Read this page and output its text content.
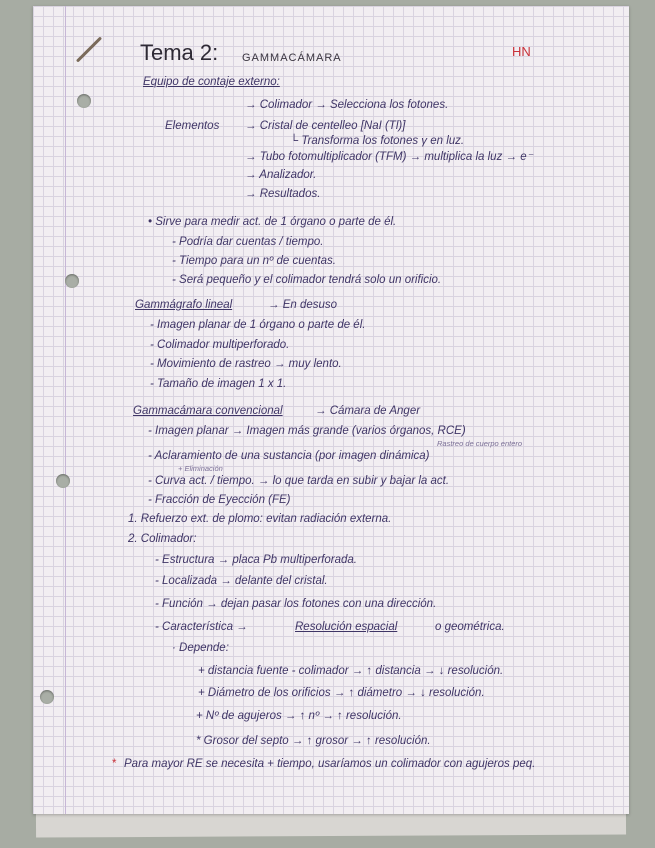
Tema 2: GAMMACÁMARA	HN
Equipo de contaje externo:
→ Colimador → Selecciona los fotones.
Elementos → Cristal de centelleo [NaI (Tl)]
└ Transforma los fotones γ en luz.
→ Tubo fotomultiplicador (TFM) → multiplica la luz → e⁻
→ Analizador.
→ Resultados.
• Sirve para medir act. de 1 órgano o parte de él.
- Podría dar cuentas / tiempo.
- Tiempo para un nº de cuentas.
- Será pequeño y el colimador tendrá solo un orificio.
Gammágrafo lineal	→ En desuso
- Imagen planar de 1 órgano o parte de él.
- Colimador multiperforado.
- Movimiento de rastreo → muy lento.
- Tamaño de imagen 1 x 1.
Gammacámara convencional	→ Cámara de Anger
- Imagen planar → Imagen más grande (varios órganos, RCE)
Rastreo de cuerpo entero
- Aclaramiento de una sustancia (por imagen dinámica)
+ Eliminación
- Curva act. / tiempo. → lo que tarda en subir y bajar la act.
- Fracción de Eyección (FE)
1. Refuerzo ext. de plomo: evitan radiación externa.
2. Colimador:
- Estructura → placa Pb multiperforada.
- Localizada → delante del cristal.
- Función → dejan pasar los fotones con una dirección.
- Característica →	Resolución espacial	o geométrica.
· Depende:
+ distancia fuente - colimador → ↑ distancia → ↓ resolución.
+ Diámetro de los orificios → ↑ diámetro → ↓ resolución.
+ Nº de agujeros → ↑ nº → ↑ resolución.
* Grosor del septo → ↑ grosor → ↑ resolución.
* Para mayor RE se necesita + tiempo, usaríamos un colimador con agujeros peq.
